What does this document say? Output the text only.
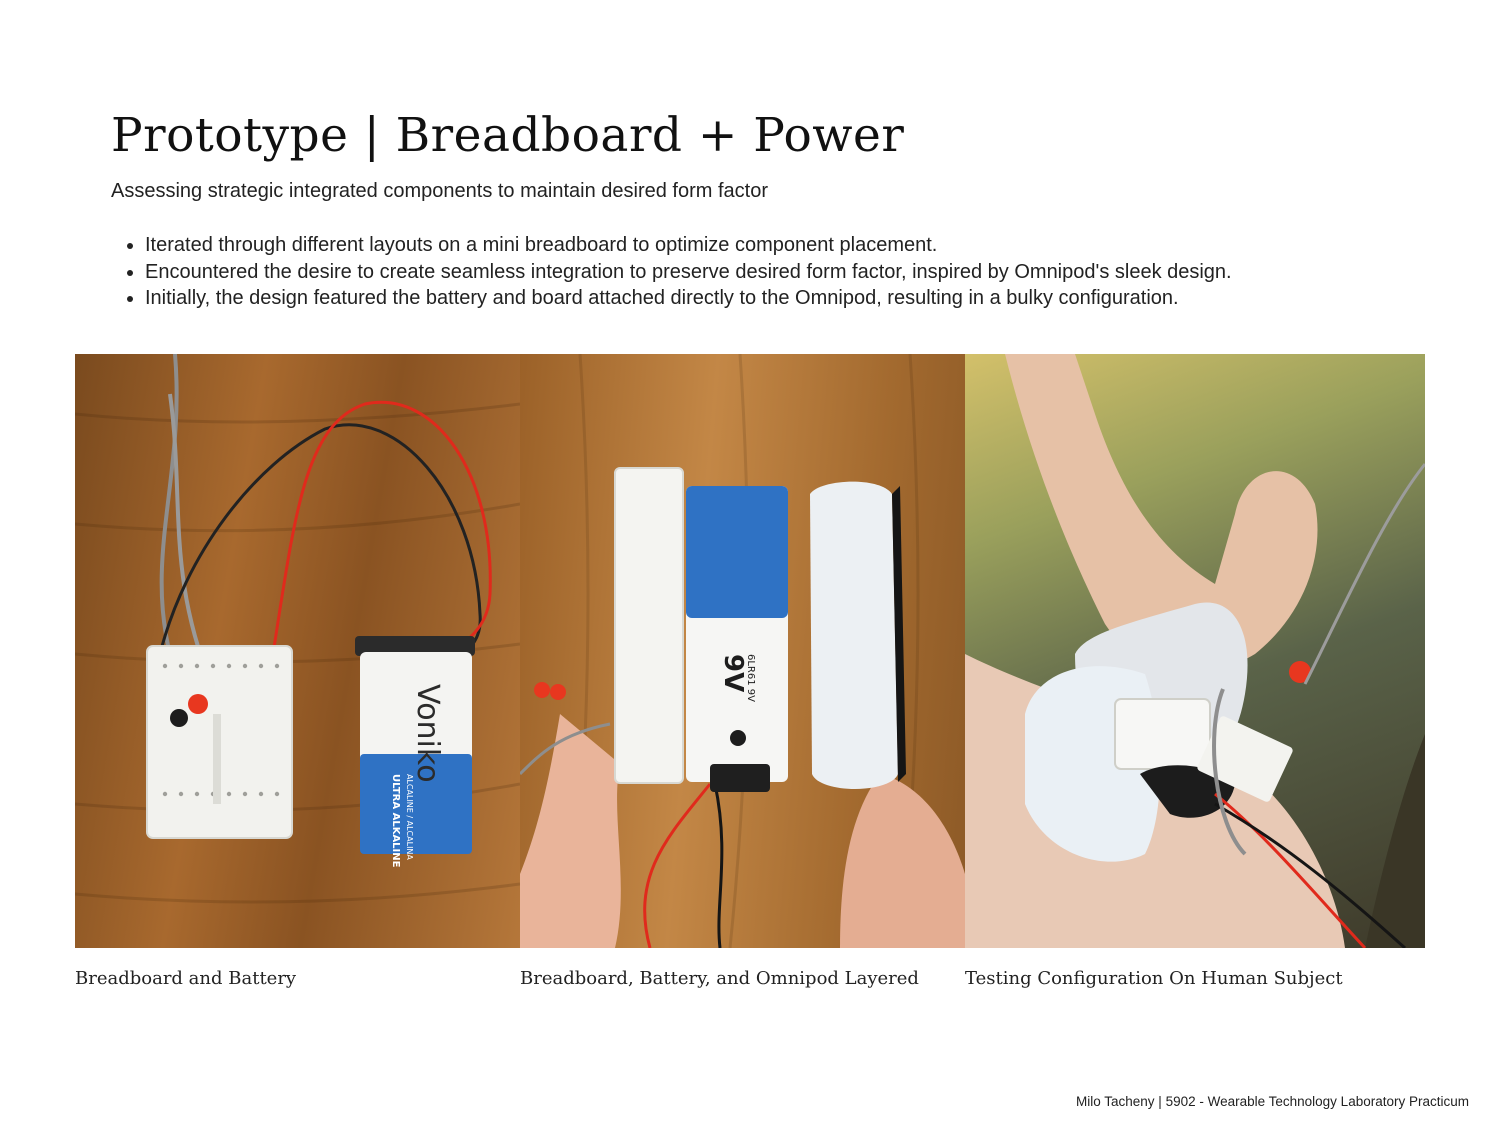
Prototype | Breadboard + Power

Assessing strategic integrated components to maintain desired form factor

• Iterated through different layouts on a mini breadboard to optimize component placement.
• Encountered the desire to create seamless integration to preserve desired form factor, inspired by Omnipod's sleek design.
• Initially, the design featured the battery and board attached directly to the Omnipod, resulting in a bulky configuration.
Voniko
ULTRA ALKALINE ALCALINE / ALCALINA
9V
6LR61 9V

Breadboard and Battery	Breadboard, Battery, and Omnipod Layered	Testing Configuration On Human Subject

Milo Tacheny | 5902 - Wearable Technology Laboratory Practicum
